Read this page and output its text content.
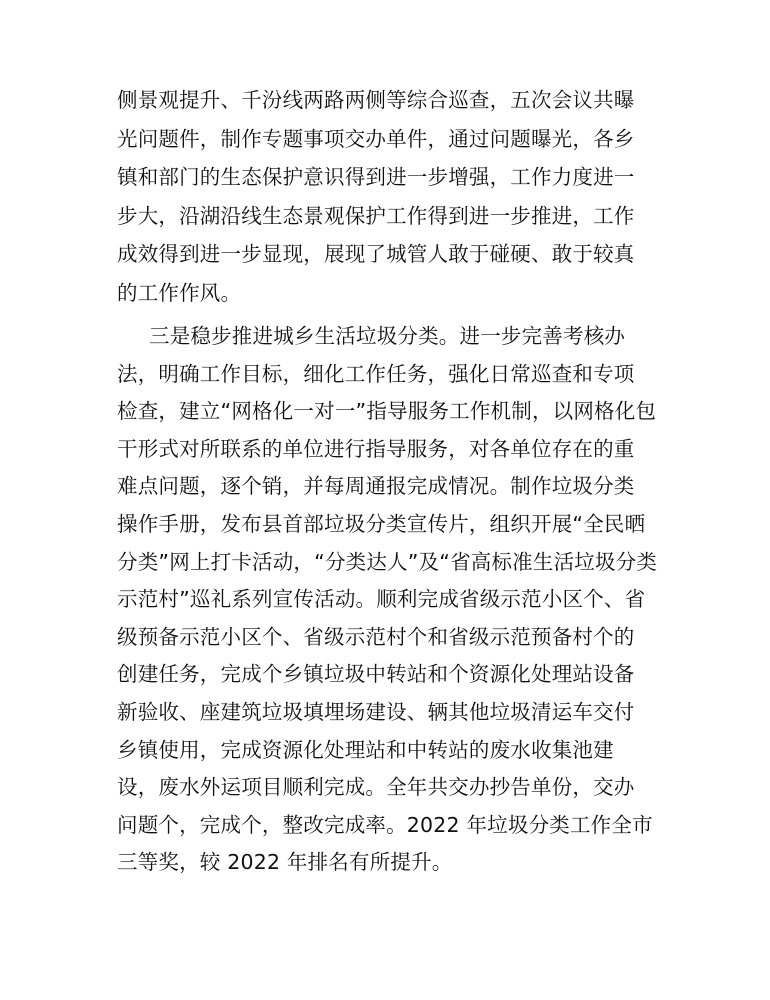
侧景观提升、千汾线两路两侧等综合巡查，五次会议共曝
光问题件，制作专题事项交办单件，通过问题曝光，各乡
镇和部门的生态保护意识得到进一步增强，工作力度进一
步大，沿湖沿线生态景观保护工作得到进一步推进，工作
成效得到进一步显现，展现了城管人敢于碰硬、敢于较真
的工作作风。
三是稳步推进城乡生活垃圾分类。进一步完善考核办
法，明确工作目标，细化工作任务，强化日常巡查和专项
检查，建立“网格化一对一”指导服务工作机制，以网格化包
干形式对所联系的单位进行指导服务，对各单位存在的重
难点问题，逐个销，并每周通报完成情况。制作垃圾分类
操作手册，发布县首部垃圾分类宣传片，组织开展“全民晒
分类”网上打卡活动，“分类达人”及“省高标准生活垃圾分类
示范村”巡礼系列宣传活动。顺利完成省级示范小区个、省
级预备示范小区个、省级示范村个和省级示范预备村个的
创建任务，完成个乡镇垃圾中转站和个资源化处理站设备
新验收、座建筑垃圾填埋场建设、辆其他垃圾清运车交付
乡镇使用，完成资源化处理站和中转站的废水收集池建
设，废水外运项目顺利完成。全年共交办抄告单份，交办
问题个，完成个，整改完成率。2022 年垃圾分类工作全市
三等奖，较 2022 年排名有所提升。
